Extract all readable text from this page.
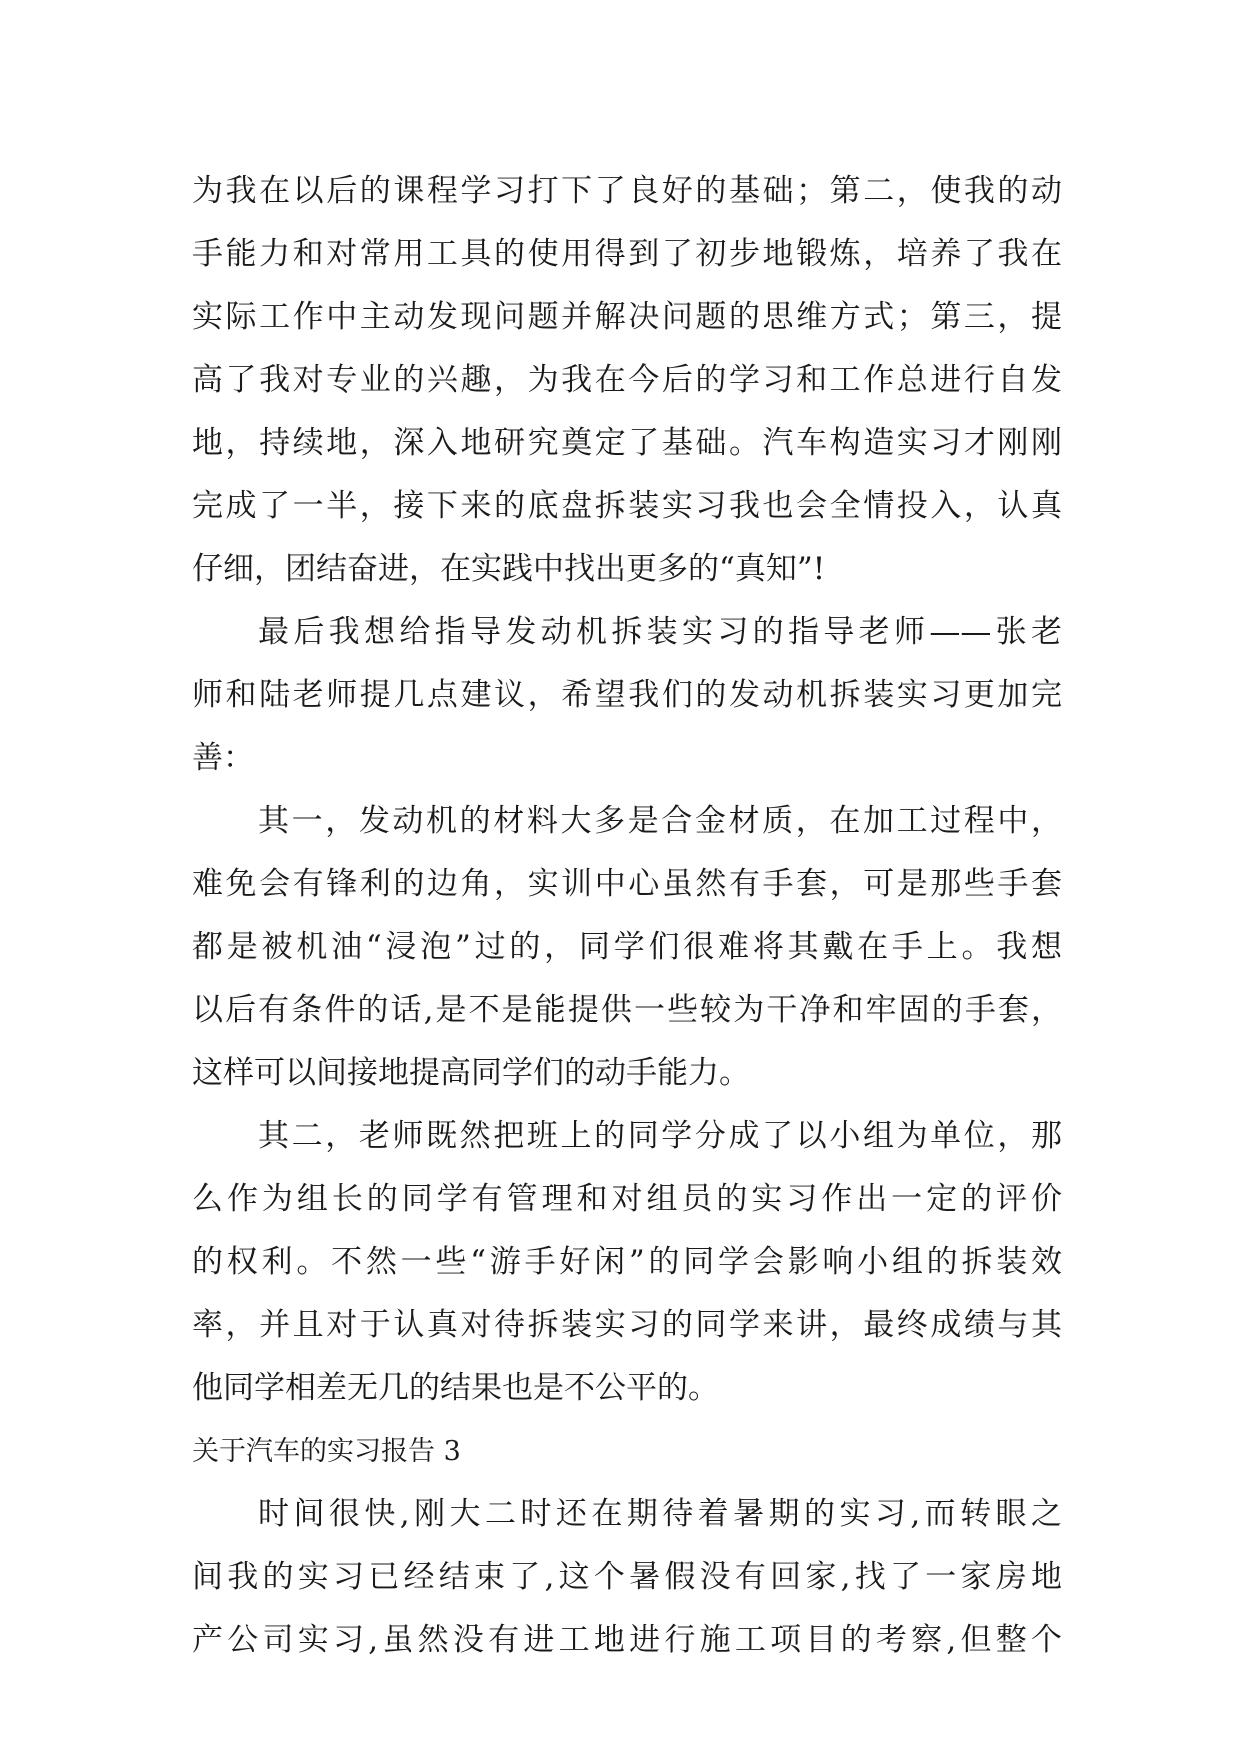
为我在以后的课程学习打下了良好的基础；第二，使我的动
手能力和对常用工具的使用得到了初步地锻炼，培养了我在
实际工作中主动发现问题并解决问题的思维方式；第三，提
高了我对专业的兴趣，为我在今后的学习和工作总进行自发
地，持续地，深入地研究奠定了基础。汽车构造实习才刚刚
完成了一半，接下来的底盘拆装实习我也会全情投入，认真
仔细，团结奋进，在实践中找出更多的“真知”!
最后我想给指导发动机拆装实习的指导老师——张老
师和陆老师提几点建议，希望我们的发动机拆装实习更加完
善：
其一，发动机的材料大多是合金材质，在加工过程中，
难免会有锋利的边角，实训中心虽然有手套，可是那些手套
都是被机油“浸泡”过的，同学们很难将其戴在手上。我想
以后有条件的话,是不是能提供一些较为干净和牢固的手套，
这样可以间接地提高同学们的动手能力。
其二，老师既然把班上的同学分成了以小组为单位，那
么作为组长的同学有管理和对组员的实习作出一定的评价
的权利。不然一些“游手好闲”的同学会影响小组的拆装效
率，并且对于认真对待拆装实习的同学来讲，最终成绩与其
他同学相差无几的结果也是不公平的。
关于汽车的实习报告 3
时间很快,刚大二时还在期待着暑期的实习,而转眼之
间我的实习已经结束了,这个暑假没有回家,找了一家房地
产公司实习,虽然没有进工地进行施工项目的考察,但整个
